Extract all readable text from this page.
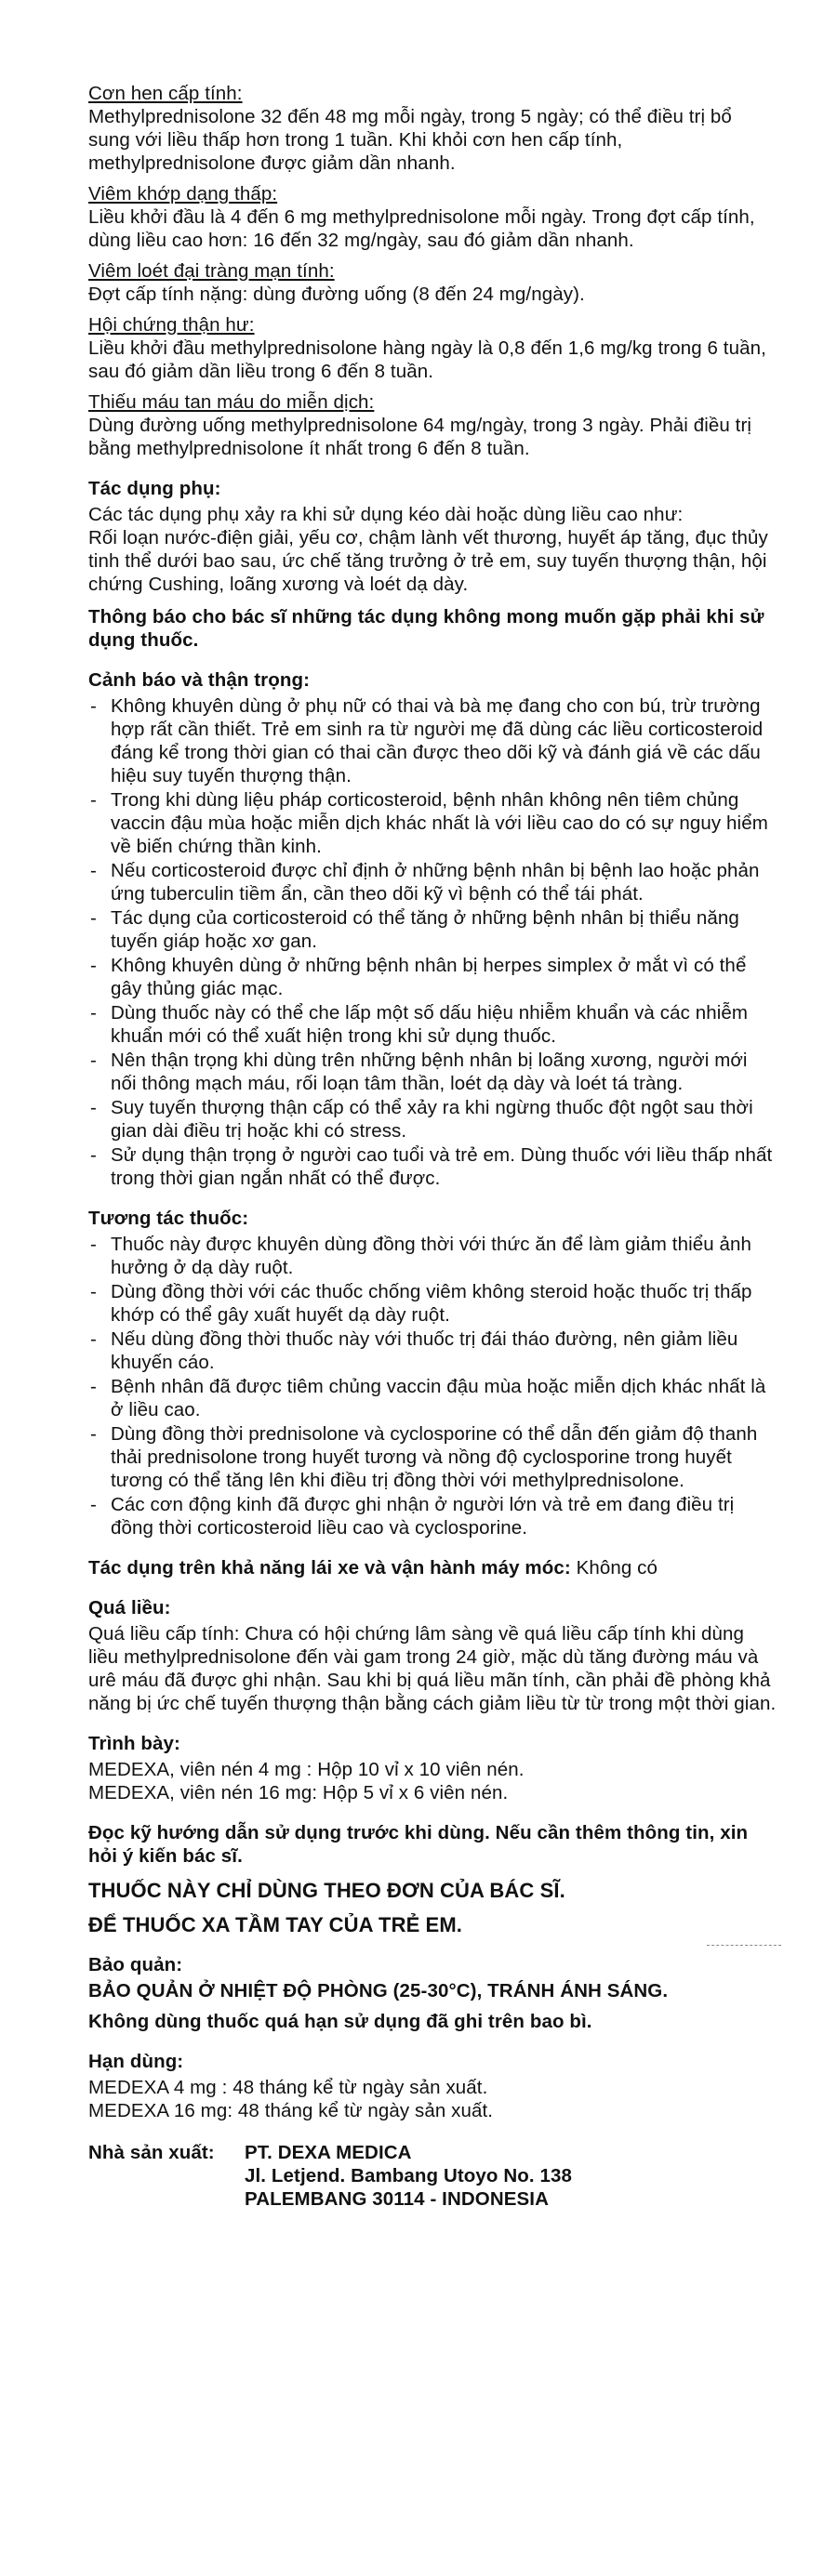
Cơn hen cấp tính:

Methylprednisolone 32 đến 48 mg mỗi ngày, trong 5 ngày; có thể điều trị bổ sung với liều thấp hơn trong 1 tuần. Khi khỏi cơn hen cấp tính, methylprednisolone được giảm dần nhanh.

Viêm khớp dạng thấp:

Liều khởi đầu là 4 đến 6 mg methylprednisolone mỗi ngày. Trong đợt cấp tính, dùng liều cao hơn: 16 đến 32 mg/ngày, sau đó giảm dần nhanh.

Viêm loét đại tràng mạn tính:

Đợt cấp tính nặng: dùng đường uống (8 đến 24 mg/ngày).

Hội chứng thận hư:

Liều khởi đầu methylprednisolone hàng ngày là 0,8 đến 1,6 mg/kg trong 6 tuần, sau đó giảm dần liều trong 6 đến 8 tuần.

Thiếu máu tan máu do miễn dịch:

Dùng đường uống methylprednisolone 64 mg/ngày, trong 3 ngày. Phải điều trị bằng methylprednisolone ít nhất trong 6 đến 8 tuần.

Tác dụng phụ:

Các tác dụng phụ xảy ra khi sử dụng kéo dài hoặc dùng liều cao như:

Rối loạn nước-điện giải, yếu cơ, chậm lành vết thương, huyết áp tăng, đục thủy tinh thể dưới bao sau, ức chế tăng trưởng ở trẻ em, suy tuyến thượng thận, hội chứng Cushing, loãng xương và loét dạ dày.

Thông báo cho bác sĩ những tác dụng không mong muốn gặp phải khi sử dụng thuốc.

Cảnh báo và thận trọng:
- Không khuyên dùng ở phụ nữ có thai và bà mẹ đang cho con bú, trừ trường hợp rất cần thiết. Trẻ em sinh ra từ người mẹ đã dùng các liều corticosteroid đáng kể trong thời gian có thai cần được theo dõi kỹ và đánh giá về các dấu hiệu suy tuyến thượng thận.
- Trong khi dùng liệu pháp corticosteroid, bệnh nhân không nên tiêm chủng vaccin đậu mùa hoặc miễn dịch khác nhất là với liều cao do có sự nguy hiểm về biến chứng thần kinh.
- Nếu corticosteroid được chỉ định ở những bệnh nhân bị bệnh lao hoặc phản ứng tuberculin tiềm ẩn, cần theo dõi kỹ vì bệnh có thể tái phát.
- Tác dụng của corticosteroid có thể tăng ở những bệnh nhân bị thiểu năng tuyến giáp hoặc xơ gan.
- Không khuyên dùng ở những bệnh nhân bị herpes simplex ở mắt vì có thể gây thủng giác mạc.
- Dùng thuốc này có thể che lấp một số dấu hiệu nhiễm khuẩn và các nhiễm khuẩn mới có thể xuất hiện trong khi sử dụng thuốc.
- Nên thận trọng khi dùng trên những bệnh nhân bị loãng xương, người mới nối thông mạch máu, rối loạn tâm thần, loét dạ dày và loét tá tràng.
- Suy tuyến thượng thận cấp có thể xảy ra khi ngừng thuốc đột ngột sau thời gian dài điều trị hoặc khi có stress.
- Sử dụng thận trọng ở người cao tuổi và trẻ em. Dùng thuốc với liều thấp nhất trong thời gian ngắn nhất có thể được.
Tương tác thuốc:
- Thuốc này được khuyên dùng đồng thời với thức ăn để làm giảm thiểu ảnh hưởng ở dạ dày ruột.
- Dùng đồng thời với các thuốc chống viêm không steroid hoặc thuốc trị thấp khớp có thể gây xuất huyết dạ dày ruột.
- Nếu dùng đồng thời thuốc này với thuốc trị đái tháo đường, nên giảm liều khuyến cáo.
- Bệnh nhân đã được tiêm chủng vaccin đậu mùa hoặc miễn dịch khác nhất là ở liều cao.
- Dùng đồng thời prednisolone và cyclosporine có thể dẫn đến giảm độ thanh thải prednisolone trong huyết tương và nồng độ cyclosporine trong huyết tương có thể tăng lên khi điều trị đồng thời với methylprednisolone.
- Các cơn động kinh đã được ghi nhận ở người lớn và trẻ em đang điều trị đồng thời corticosteroid liều cao và cyclosporine.
Tác dụng trên khả năng lái xe và vận hành máy móc: Không có
Quá liều:

Quá liều cấp tính: Chưa có hội chứng lâm sàng về quá liều cấp tính khi dùng liều methylprednisolone đến vài gam trong 24 giờ, mặc dù tăng đường máu và urê máu đã được ghi nhận. Sau khi bị quá liều mãn tính, cần phải đề phòng khả năng bị ức chế tuyến thượng thận bằng cách giảm liều từ từ trong một thời gian.

Trình bày:

MEDEXA, viên nén 4 mg : Hộp 10 vỉ x 10 viên nén.

MEDEXA, viên nén 16 mg: Hộp 5 vỉ x 6 viên nén.

Đọc kỹ hướng dẫn sử dụng trước khi dùng. Nếu cần thêm thông tin, xin hỏi ý kiến bác sĩ.

THUỐC NÀY CHỈ DÙNG THEO ĐƠN CỦA BÁC SĨ.

ĐỂ THUỐC XA TẦM TAY CỦA TRẺ EM.

Bảo quản:

BẢO QUẢN Ở NHIỆT ĐỘ PHÒNG (25-30°C), TRÁNH ÁNH SÁNG.

Không dùng thuốc quá hạn sử dụng đã ghi trên bao bì.

Hạn dùng:

MEDEXA 4 mg : 48 tháng kể từ ngày sản xuất.

MEDEXA 16 mg: 48 tháng kể từ ngày sản xuất.

Nhà sản xuất:	PT. DEXA MEDICA

Jl. Letjend. Bambang Utoyo No. 138

PALEMBANG 30114 - INDONESIA
